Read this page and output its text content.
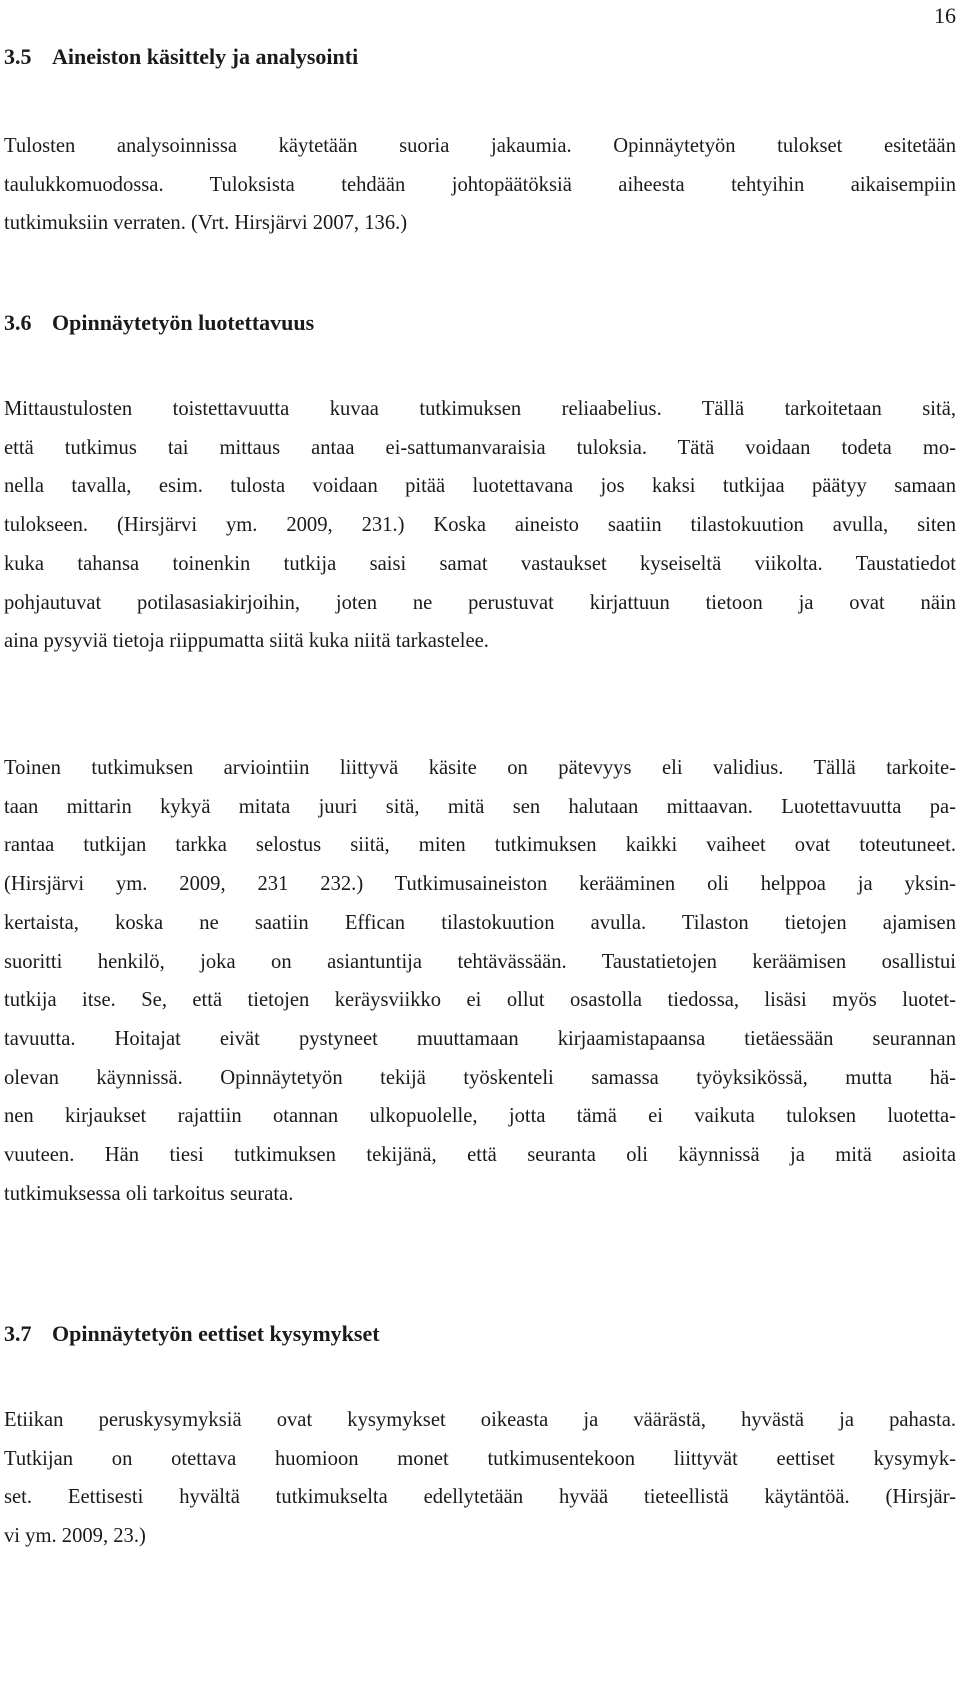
16
3.5 Aineiston käsittely ja analysointi
Tulosten analysoinnissa käytetään suoria jakaumia. Opinnäytetyön tulokset esitetään
taulukkomuodossa. Tuloksista tehdään johtopäätöksiä aiheesta tehtyihin aikaisempiin
tutkimuksiin verraten. (Vrt. Hirsjärvi 2007, 136.)
3.6 Opinnäytetyön luotettavuus
Mittaustulosten toistettavuutta kuvaa tutkimuksen reliaabelius. Tällä tarkoitetaan sitä,
että tutkimus tai mittaus antaa ei-sattumanvaraisia tuloksia. Tätä voidaan todeta mo-
nella tavalla, esim. tulosta voidaan pitää luotettavana jos kaksi tutkijaa päätyy samaan
tulokseen. (Hirsjärvi ym. 2009, 231.) Koska aineisto saatiin tilastokuution avulla, siten
kuka tahansa toinenkin tutkija saisi samat vastaukset kyseiseltä viikolta. Taustatiedot
pohjautuvat potilasasiakirjoihin, joten ne perustuvat kirjattuun tietoon ja ovat näin
aina pysyviä tietoja riippumatta siitä kuka niitä tarkastelee.
Toinen tutkimuksen arviointiin liittyvä käsite on pätevyys eli validius. Tällä tarkoite-
taan mittarin kykyä mitata juuri sitä, mitä sen halutaan mittaavan. Luotettavuutta pa-
rantaa tutkijan tarkka selostus siitä, miten tutkimuksen kaikki vaiheet ovat toteutuneet.
(Hirsjärvi ym. 2009, 231 232.) Tutkimusaineiston kerääminen oli helppoa ja yksin-
kertaista, koska ne saatiin Effican tilastokuution avulla. Tilaston tietojen ajamisen
suoritti henkilö, joka on asiantuntija tehtävässään. Taustatietojen keräämisen osallistui
tutkija itse. Se, että tietojen keräysviikko ei ollut osastolla tiedossa, lisäsi myös luotet-
tavuutta. Hoitajat eivät pystyneet muuttamaan kirjaamistapaansa tietäessään seurannan
olevan käynnissä. Opinnäytetyön tekijä työskenteli samassa työyksikössä, mutta hä-
nen kirjaukset rajattiin otannan ulkopuolelle, jotta tämä ei vaikuta tuloksen luotetta-
vuuteen. Hän tiesi tutkimuksen tekijänä, että seuranta oli käynnissä ja mitä asioita
tutkimuksessa oli tarkoitus seurata.
3.7 Opinnäytetyön eettiset kysymykset
Etiikan peruskysymyksiä ovat kysymykset oikeasta ja väärästä, hyvästä ja pahasta.
Tutkijan on otettava huomioon monet tutkimusentekoon liittyvät eettiset kysymyk-
set. Eettisesti hyvältä tutkimukselta edellytetään hyvää tieteellistä käytäntöä. (Hirsjär-
vi ym. 2009, 23.)
